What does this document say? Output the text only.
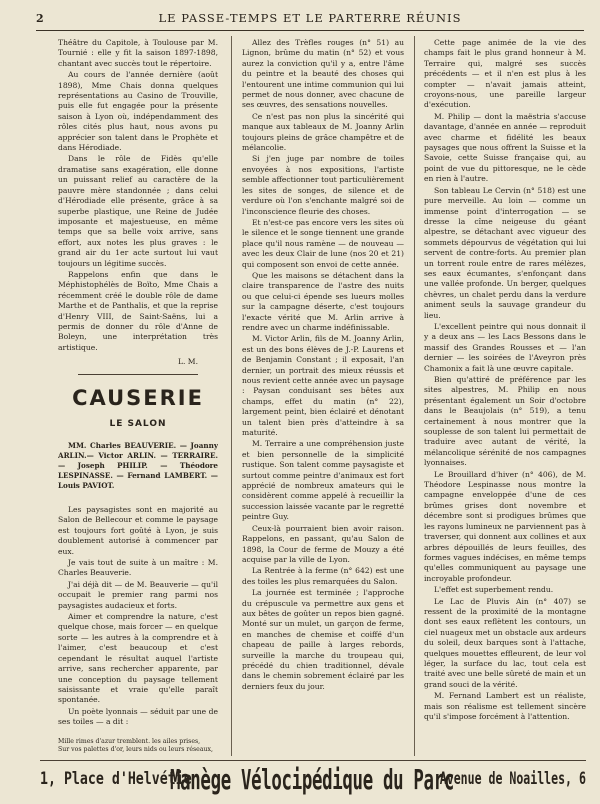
2	LE PASSE-TEMPS ET LE PARTERRE RÉUNIS

Théâtre du Capitole, à Toulouse par M. Tournié : elle y fit la saison 1897-1898, chantant avec succès tout le répertoire.

Au cours de l'année dernière (août 1898), Mme Chais donna quelques représentations au Casino de Trouville, puis elle fut engagée pour la présente saison à Lyon où, indépendamment des rôles cités plus haut, nous avons pu apprécier son talent dans le Prophète et dans Hérodiade.

Dans le rôle de Fidès qu'elle dramatise sans exagération, elle donne un puissant relief au caractère de la pauvre mère standonnée ; dans celui d'Hérodiade elle présente, grâce à sa superbe plastique, une Reine de Judée imposante et majestueuse, en même temps que sa belle voix arrive, sans effort, aux notes les plus graves : le grand air du 1er acte surtout lui vaut toujours un légitime succès.

Rappelons enfin que dans le Méphistophélès de Boïto, Mme Chais a récemment créé le double rôle de dame Marthe et de Panthalis, et que la reprise d'Henry VIII, de Saint-Saëns, lui a permis de donner du rôle d'Anne de Boleyn, une interprétation très artistique.

L. M.

CAUSERIE
LE SALON

MM. Charles BEAUVERIE. — Joanny ARLIN.— Victor ARLIN. — TERRAIRE. — Joseph PHILIP. — Théodore LESPINASSE. — Fernand LAMBERT. — Louis PAVIOT.

Les paysagistes sont en majorité au Salon de Bellecour et comme le paysage est toujours fort goûté à Lyon, je suis doublement autorisé à commencer par eux.

Je vais tout de suite à un maître : M. Charles Beauverie.

J'ai déjà dit — de M. Beauverie — qu'il occupait le premier rang parmi nos paysagistes audacieux et forts.

Aimer et comprendre la nature, c'est quelque chose, mais forcer — en quelque sorte — les autres à la comprendre et à l'aimer, c'est beaucoup et c'est cependant le résultat auquel l'artiste arrive, sans rechercher apparente, par une conception du paysage tellement saisissante et vraie qu'elle paraît spontanée.

Un poète lyonnais — séduit par une de ses toiles — a dit :

Mille rimes d'azur tremblent. les ailes prises,
Sur vos palettes d'or, leurs nids ou leurs réseaux,

Allez des Trèfles rouges (n° 51) au Lignon, brûme du matin (n° 52) et vous aurez la conviction qu'il y a, entre l'âme du peintre et la beauté des choses qui l'entourent une intime communion qui lui permet de nous donner, avec chacune de ses œuvres, des sensations nouvelles.

Ce n'est pas non plus la sincérité qui manque aux tableaux de M. Joanny Arlin toujours pleins de grâce champêtre et de mélancolie.

Si j'en juge par nombre de toiles envoyées à nos expositions, l'artiste semble affectionner tout particulièrement les sites de songes, de silence et de verdure où l'on s'enchante malgré soi de l'inconscience fleurie des choses.

Et n'est-ce pas encore vers les sites où le silence et le songe tiennent une grande place qu'il nous ramène — de nouveau — avec les deux Clair de lune (nos 20 et 21) qui composent son envoi de cette année.

Que les maisons se détachent dans la claire transparence de l'astre des nuits ou que celui-ci épende ses lueurs molles sur la campagne déserte, c'est toujours l'exacte vérité que M. Arlin arrive à rendre avec un charme indéfinissable.

M. Victor Arlin, fils de M. Joanny Arlin, est un des bons élèves de J.-P. Laurens et de Benjamin Constant ; il exposait, l'an dernier, un portrait des mieux réussis et nous revient cette année avec un paysage : Paysan conduisant ses bêtes aux champs, effet du matin (n° 22), largement peint, bien éclairé et dénotant un talent bien près d'atteindre à sa maturité.

M. Terraire a une compréhension juste et bien personnelle de la simplicité rustique. Son talent comme paysagiste et surtout comme peintre d'animaux est fort apprécié de nombreux amateurs qui le considèrent comme appelé à recueillir la succession laissée vacante par le regretté peintre Guy.

Ceux-là pourraient bien avoir raison. Rappelons, en passant, qu'au Salon de 1898, la Cour de ferme de Mouzy a été acquise par la ville de Lyon.

La Rentrée à la ferme (n° 642) est une des toiles les plus remarquées du Salon.

La journée est terminée ; l'approche du crépuscule va permettre aux gens et aux bêtes de goûter un repos bien gagné. Monté sur un mulet, un garçon de ferme, en manches de chemise et coiffé d'un chapeau de paille à larges rebords, surveille la marche du troupeau qui, précédé du chien traditionnel, dévale dans le chemin sobrement éclairé par les derniers feux du jour.

Cette page animée de la vie des champs fait le plus grand honneur à M. Terraire qui, malgré ses succès précédents — et il n'en est plus à les compter — n'avait jamais atteint, croyons-nous, une pareille largeur d'exécution.

M. Philip — dont la maëstria s'accuse davantage, d'année en année — reproduit avec charme et fidélité les beaux paysages que nous offrent la Suisse et la Savoie, cette Suisse française qui, au point de vue du pittoresque, ne le cède en rien à l'autre.

Son tableau Le Cervin (n° 518) est une pure merveille. Au loin — comme un immense point d'interrogation — se dresse la cîme neigeuse du géant alpestre, se détachant avec vigueur des sommets dépourvus de végétation qui lui servent de contre-forts. Au premier plan un torrent roule entre de rares mélèzes, ses eaux écumantes, s'enfonçant dans une vallée profonde. Un berger, quelques chèvres, un chalet perdu dans la verdure animent seuls la sauvage grandeur du lieu.

L'excellent peintre qui nous donnait il y a deux ans — les Lacs Bessons dans le massif des Grandes Rousses et — l'an dernier — les soirées de l'Aveyron près Chamonix a fait là une œuvre capitale.

Bien qu'attiré de préférence par les sites alpestres, M. Philip en nous présentant également un Soir d'octobre dans le Beaujolais (n° 519), a tenu certainement à nous montrer que la souplesse de son talent lui permettait de traduire avec autant de vérité, la mélancolique sérénité de nos campagnes lyonnaises.

Le Brouillard d'hiver (n° 406), de M. Théodore Lespinasse nous montre la campagne enveloppée d'une de ces brûmes grises dont novembre et décembre sont si prodigues brûmes que les rayons lumineux ne parviennent pas à traverser, qui donnent aux collines et aux arbres dépouillés de leurs feuilles, des formes vagues indécises, en même temps qu'elles communiquent au paysage une incroyable profondeur.

L'effet est superbement rendu.

Le Lac de Pluvis Ain (n° 407) se ressent de la proximité de la montagne dont ses eaux reflètent les contours, un ciel nuageux met un obstacle aux ardeurs du soleil, deux barques sont à l'attache, quelques mouettes effleurent, de leur vol léger, la surface du lac, tout cela est traité avec une belle sûreté de main et un grand souci de la vérité.

M. Fernand Lambert est un réaliste, mais son réalisme est tellement sincère qu'il s'impose forcément à l'attention.

1, Place d'Helvétie
Manège Vélocipédique du Parc
Avenue de Noailles, 6
